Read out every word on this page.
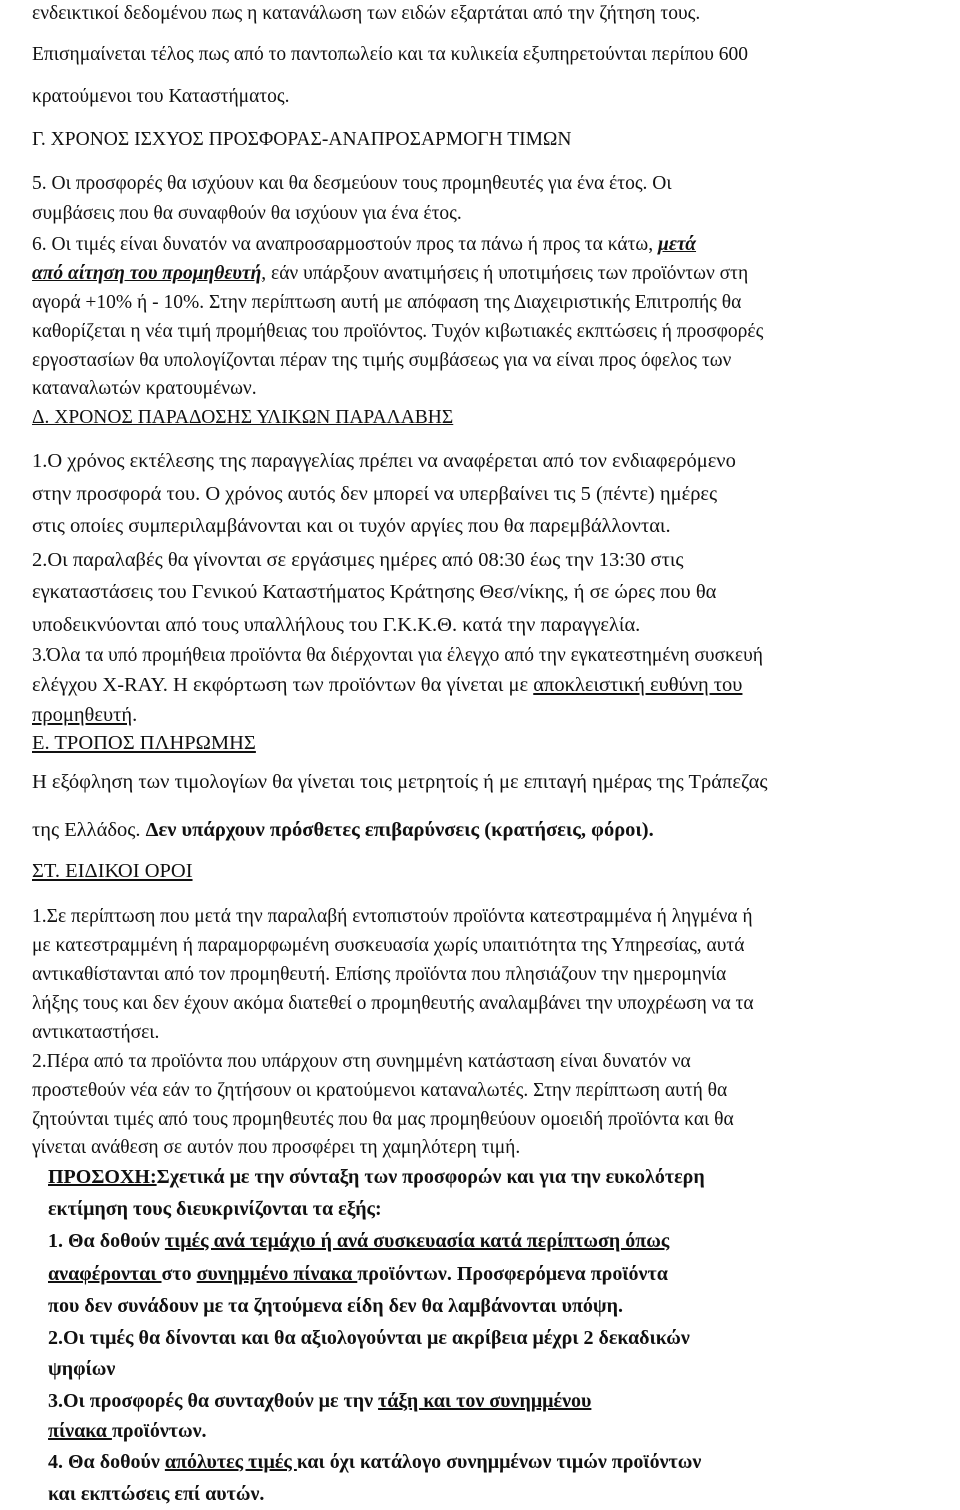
ενδεικτικοί δεδομένου πως η κατανάλωση των ειδών εξαρτάται από την ζήτηση τους.
Επισημαίνεται τέλος πως από το παντοπωλείο και τα κυλικεία εξυπηρετούνται περίπου 600
κρατούμενοι του Καταστήματος.
Γ. ΧΡΟΝΟΣ ΙΣΧΥΟΣ ΠΡΟΣΦΟΡΑΣ-ΑΝΑΠΡΟΣΑΡΜΟΓΗ ΤΙΜΩΝ
5. Οι προσφορές θα ισχύουν και θα δεσμεύουν τους προμηθευτές για ένα έτος. Οι
συμβάσεις που θα συναφθούν θα ισχύουν για ένα έτος.
6. Οι τιμές είναι δυνατόν να αναπροσαρμοστούν προς τα πάνω ή προς τα κάτω, μετά
από αίτηση του προμηθευτή, εάν υπάρξουν ανατιμήσεις ή υποτιμήσεις των προϊόντων στη
αγορά +10% ή - 10%. Στην περίπτωση αυτή με απόφαση της Διαχειριστικής Επιτροπής θα
καθορίζεται η νέα τιμή προμήθειας του προϊόντος. Τυχόν κιβωτιακές εκπτώσεις ή προσφορές
εργοστασίων θα υπολογίζονται πέραν της τιμής συμβάσεως για να είναι προς όφελος των
καταναλωτών κρατουμένων.
Δ. ΧΡΟΝΟΣ ΠΑΡΑΔΟΣΗΣ ΥΛΙΚΩΝ ΠΑΡΑΛΑΒΗΣ
1.Ο χρόνος εκτέλεσης της παραγγελίας πρέπει να αναφέρεται από τον ενδιαφερόμενο
στην προσφορά του. Ο χρόνος αυτός δεν μπορεί να υπερβαίνει τις 5 (πέντε) ημέρες
στις οποίες συμπεριλαμβάνονται και οι τυχόν αργίες που θα παρεμβάλλονται.
2.Οι παραλαβές θα γίνονται σε εργάσιμες ημέρες από 08:30 έως την 13:30 στις
εγκαταστάσεις του Γενικού Καταστήματος Κράτησης Θεσ/νίκης, ή σε ώρες που θα
υποδεικνύονται από τους υπαλλήλους του Γ.Κ.Κ.Θ. κατά την παραγγελία.
3.Όλα τα υπό προμήθεια προϊόντα θα διέρχονται για έλεγχο από την εγκατεστημένη συσκευή
ελέγχου X-RAY. Η εκφόρτωση των προϊόντων θα γίνεται με αποκλειστική ευθύνη του
προμηθευτή.
Ε. ΤΡΟΠΟΣ ΠΛΗΡΩΜΗΣ
Η εξόφληση των τιμολογίων θα γίνεται τοις μετρητοίς ή με επιταγή ημέρας της Τράπεζας
της Ελλάδος. Δεν υπάρχουν πρόσθετες επιβαρύνσεις (κρατήσεις, φόροι).
ΣΤ. ΕΙΔΙΚΟΙ ΟΡΟΙ
1.Σε περίπτωση που μετά την παραλαβή εντοπιστούν προϊόντα κατεστραμμένα ή ληγμένα ή
με κατεστραμμένη ή παραμορφωμένη συσκευασία χωρίς υπαιτιότητα της Υπηρεσίας, αυτά
αντικαθίστανται από τον προμηθευτή. Επίσης προϊόντα που πλησιάζουν την ημερομηνία
λήξης τους και δεν έχουν ακόμα διατεθεί ο προμηθευτής αναλαμβάνει την υποχρέωση να τα
αντικαταστήσει.
2.Πέρα από τα προϊόντα που υπάρχουν στη συνημμένη κατάσταση είναι δυνατόν να
προστεθούν νέα εάν το ζητήσουν οι κρατούμενοι καταναλωτές. Στην περίπτωση αυτή θα
ζητούνται τιμές από τους προμηθευτές που θα μας προμηθεύουν ομοειδή προϊόντα και θα
γίνεται ανάθεση σε αυτόν που προσφέρει τη χαμηλότερη τιμή.
ΠΡΟΣΟΧΗ:Σχετικά με την σύνταξη των προσφορών και για την ευκολότερη
εκτίμηση τους διευκρινίζονται τα εξής:
1. Θα δοθούν τιμές ανά τεμάχιο ή ανά συσκευασία κατά περίπτωση όπως
αναφέρονται στο συνημμένο πίνακα προϊόντων. Προσφερόμενα προϊόντα
που δεν συνάδουν με τα ζητούμενα είδη δεν θα λαμβάνονται υπόψη.
2.Οι τιμές θα δίνονται και θα αξιολογούνται με ακρίβεια μέχρι 2 δεκαδικών
ψηφίων
3.Οι προσφορές θα συνταχθούν με την τάξη και τον συνημμένου
πίνακα προϊόντων.
4. Θα δοθούν απόλυτες τιμές και όχι κατάλογο συνημμένων τιμών προϊόντων
και εκπτώσεις επί αυτών.
